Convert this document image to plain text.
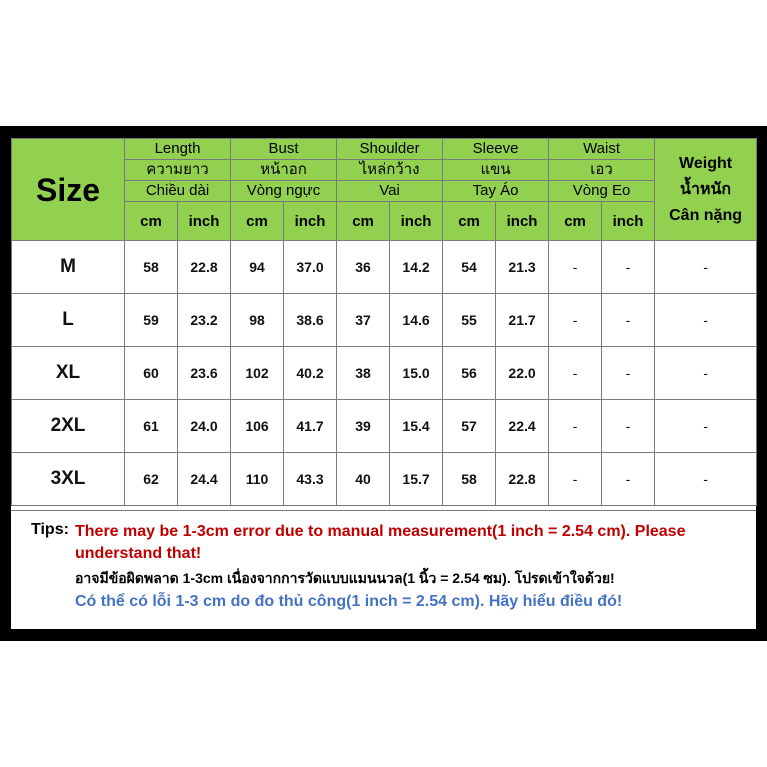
Size	Length		Bust		Shoulder		Sleeve		Waist		Weight
น้ำหนัก
Cân nặng

	ความยาว		หน้าอก		ไหล่กว้าง		แขน		เอว		
	Chiều dài		Vòng ngực		Vai		Tay Áo		Vòng Eo		
	cm	inch	cm	inch	cm	inch	cm	inch	cm	inch	
M	58	22.8	94	37.0	36	14.2	54	21.3	-	-	-
L	59	23.2	98	38.6	37	14.6	55	21.7	-	-	-
XL	60	23.6	102	40.2	38	15.0	56	22.0	-	-	-
2XL	61	24.0	106	41.7	39	15.4	57	22.4	-	-	-
3XL	62	24.4	110	43.3	40	15.7	58	22.8	-	-	-
Tips: There may be 1-3cm error due to manual measurement(1 inch = 2.54 cm). Please understand that!
อาจมีข้อผิดพลาด 1-3cm เนื่องจากการวัดแบบแมนนวล(1 นิ้ว = 2.54 ซม). โปรดเข้าใจด้วย!
Có thể có lỗi 1-3 cm do đo thủ công(1 inch = 2.54 cm). Hãy hiểu điều đó!
